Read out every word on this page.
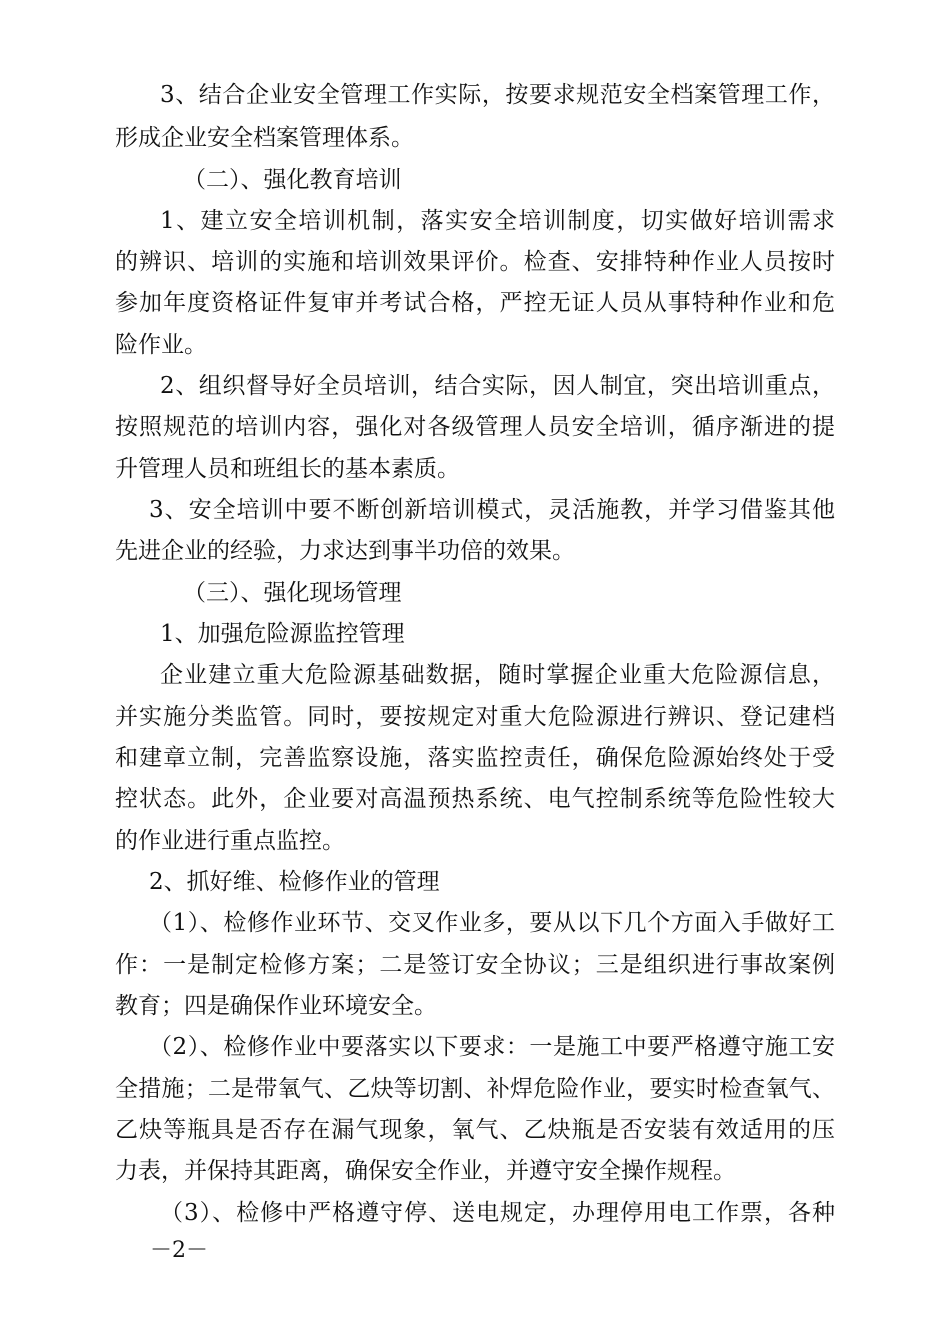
3、结合企业安全管理工作实际，按要求规范安全档案管理工作，
形成企业安全档案管理体系。
（二）、强化教育培训
1、建立安全培训机制，落实安全培训制度，切实做好培训需求
的辨识、培训的实施和培训效果评价。检查、安排特种作业人员按时
参加年度资格证件复审并考试合格，严控无证人员从事特种作业和危
险作业。
2、组织督导好全员培训，结合实际，因人制宜，突出培训重点，
按照规范的培训内容，强化对各级管理人员安全培训，循序渐进的提
升管理人员和班组长的基本素质。
3、安全培训中要不断创新培训模式，灵活施教，并学习借鉴其他
先进企业的经验，力求达到事半功倍的效果。
（三）、强化现场管理
1、加强危险源监控管理
企业建立重大危险源基础数据，随时掌握企业重大危险源信息，
并实施分类监管。同时，要按规定对重大危险源进行辨识、登记建档
和建章立制，完善监察设施，落实监控责任，确保危险源始终处于受
控状态。此外，企业要对高温预热系统、电气控制系统等危险性较大
的作业进行重点监控。
2、抓好维、检修作业的管理
（1）、检修作业环节、交叉作业多，要从以下几个方面入手做好工
作：一是制定检修方案；二是签订安全协议；三是组织进行事故案例
教育；四是确保作业环境安全。
（2）、检修作业中要落实以下要求：一是施工中要严格遵守施工安
全措施；二是带氧气、乙炔等切割、补焊危险作业，要实时检查氧气、
乙炔等瓶具是否存在漏气现象，氧气、乙炔瓶是否安装有效适用的压
力表，并保持其距离，确保安全作业，并遵守安全操作规程。
（3）、检修中严格遵守停、送电规定，办理停用电工作票，各种
－2－
